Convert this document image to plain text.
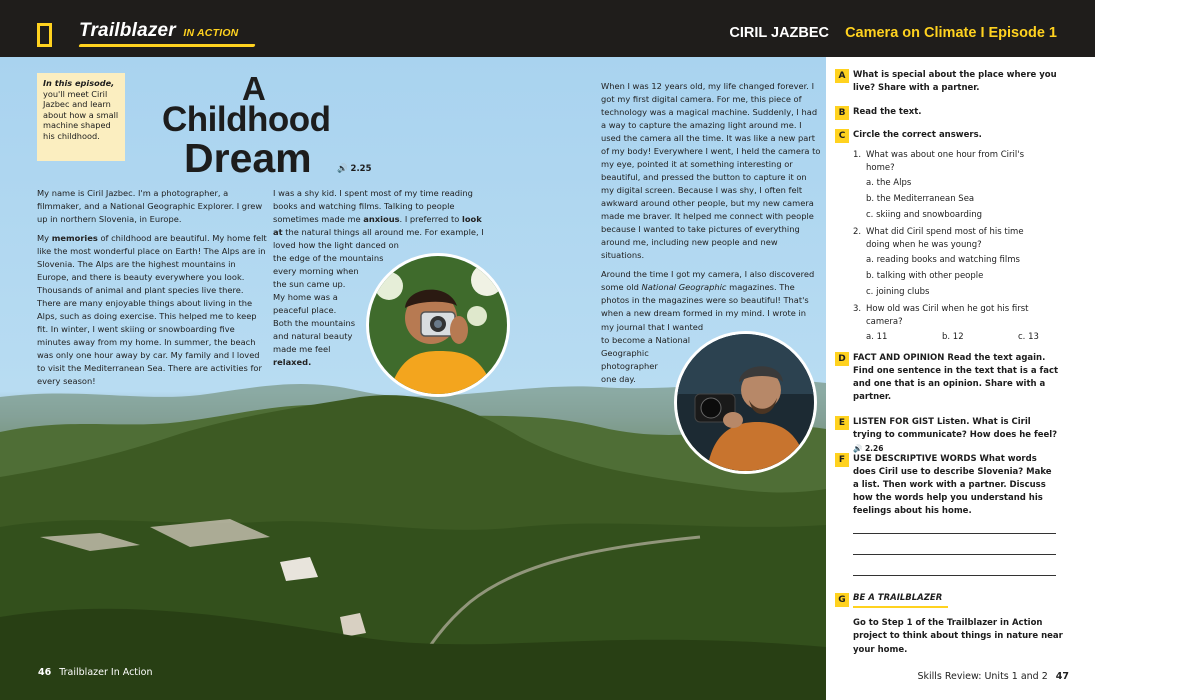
Trailblazer IN ACTION	CIRIL JAZBEC Camera on Climate I Episode 1
In this episode, you'll meet Ciril Jazbec and learn about how a small machine shaped his childhood.
A
Childhood
Dream	🔊 2.25

My name is Ciril Jazbec. I'm a photographer, a filmmaker, and a National Geographic Explorer. I grew up in northern Slovenia, in Europe.

My memories of childhood are beautiful. My home felt like the most wonderful place on Earth! The Alps are in Slovenia. The Alps are the highest mountains in Europe, and there is beauty everywhere you look. Thousands of animal and plant species live there. There are many enjoyable things about living in the Alps, such as doing exercise. This helped me to keep fit. In winter, I went skiing or snowboarding five minutes away from my home. In summer, the beach was only one hour away by car. My family and I loved to visit the Mediterranean Sea. There are activities for every season!

I was a shy kid. I spent most of my time reading books and watching films. Talking to people sometimes made me anxious. I preferred to look at the natural things all around me. For example, I loved how the light danced on

the edge of the mountains
every morning when
the sun came up.
My home was a
peaceful place.
Both the mountains
and natural beauty
made me feel
relaxed.

When I was 12 years old, my life changed forever. I got my first digital camera. For me, this piece of technology was a magical machine. Suddenly, I had a way to capture the amazing light around me. I used the camera all the time. It was like a new part of my body! Everywhere I went, I held the camera to my eye, pointed it at something interesting or beautiful, and pressed the button to capture it on my digital screen. Because I was shy, I often felt awkward around other people, but my new camera made me braver. It helped me connect with people because I wanted to take pictures of everything around me, including new people and new situations.

Around the time I got my camera, I also discovered some old National Geographic magazines. The photos in the magazines were so beautiful! That's when a new dream formed in my mind. I wrote in

my journal that I wanted
to become a National
Geographic
photographer
one day.
46 Trailblazer In Action	Skills Review: Units 1 and 2 47
A What is special about the place where you live? Share with a partner.
B Read the text.
C Circle the correct answers.
1. What was about one hour from Ciril's home?
a. the Alps
b. the Mediterranean Sea
c. skiing and snowboarding
2. What did Ciril spend most of his time doing when he was young?
a. reading books and watching films
b. talking with other people
c. joining clubs
3. How old was Ciril when he got his first camera?
a. 11	b. 12	c. 13
D FACT AND OPINION Read the text again. Find one sentence in the text that is a fact and one that is an opinion. Share with a partner.
E LISTEN FOR GIST Listen. What is Ciril trying to communicate? How does he feel? 🔊 2.26
F USE DESCRIPTIVE WORDS What words does Ciril use to describe Slovenia? Make a list. Then work with a partner. Discuss how the words help you understand his feelings about his home.
G BE A TRAILBLAZER
Go to Step 1 of the Trailblazer in Action project to think about things in nature near your home.
